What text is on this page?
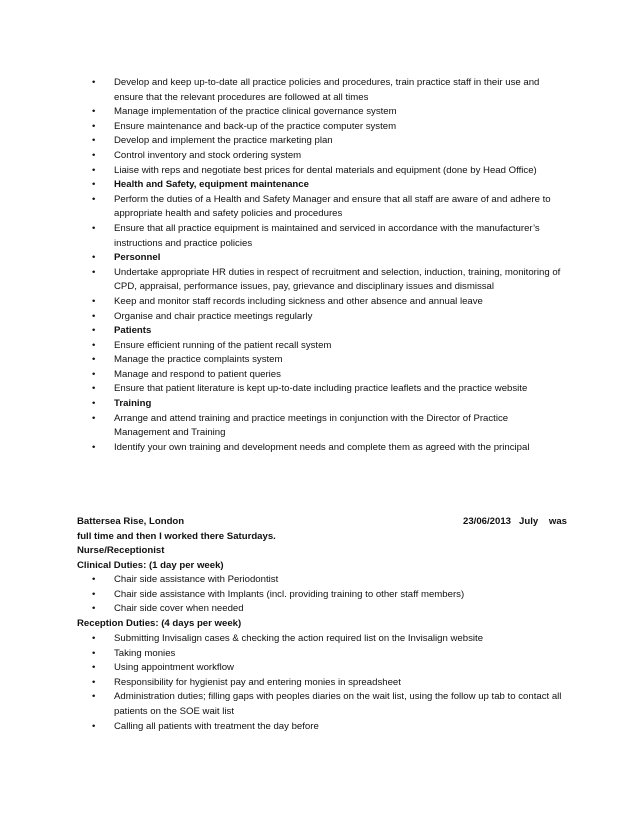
• Develop and keep up-to-date all practice policies and procedures, train practice staff in their use and ensure that the relevant procedures are followed at all times
• Manage implementation of the practice clinical governance system
• Ensure maintenance and back-up of the practice computer system
• Develop and implement the practice marketing plan
• Control inventory and stock ordering system
• Liaise with reps and negotiate best prices for dental materials and equipment (done by Head Office)
• Health and Safety, equipment maintenance
• Perform the duties of a Health and Safety Manager and ensure that all staff are aware of and adhere to appropriate health and safety policies and procedures
• Ensure that all practice equipment is maintained and serviced in accordance with the manufacturer’s instructions and practice policies
• Personnel
• Undertake appropriate HR duties in respect of recruitment and selection, induction, training, monitoring of CPD, appraisal, performance issues, pay, grievance and disciplinary issues and dismissal
• Keep and monitor staff records including sickness and other absence and annual leave
• Organise and chair practice meetings regularly
• Patients
• Ensure efficient running of the patient recall system
• Manage the practice complaints system
• Manage and respond to patient queries
• Ensure that patient literature is kept up-to-date including practice leaflets and the practice website
• Training
• Arrange and attend training and practice meetings in conjunction with the Director of Practice Management and Training
• Identify your own training and development needs and complete them as agreed with the principal
Battersea Rise, London	23/06/2013   July    was
full time and then I worked there Saturdays.
Nurse/Receptionist
Clinical Duties: (1 day per week)
• Chair side assistance with Periodontist
• Chair side assistance with Implants (incl. providing training to other staff members)
• Chair side cover when needed
Reception Duties: (4 days per week)
• Submitting Invisalign cases & checking the action required list on the Invisalign website
• Taking monies
• Using appointment workflow
• Responsibility for hygienist pay and entering monies in spreadsheet
• Administration duties; filling gaps with peoples diaries on the wait list, using the follow up tab to contact all patients on the SOE wait list
• Calling all patients with treatment the day before
